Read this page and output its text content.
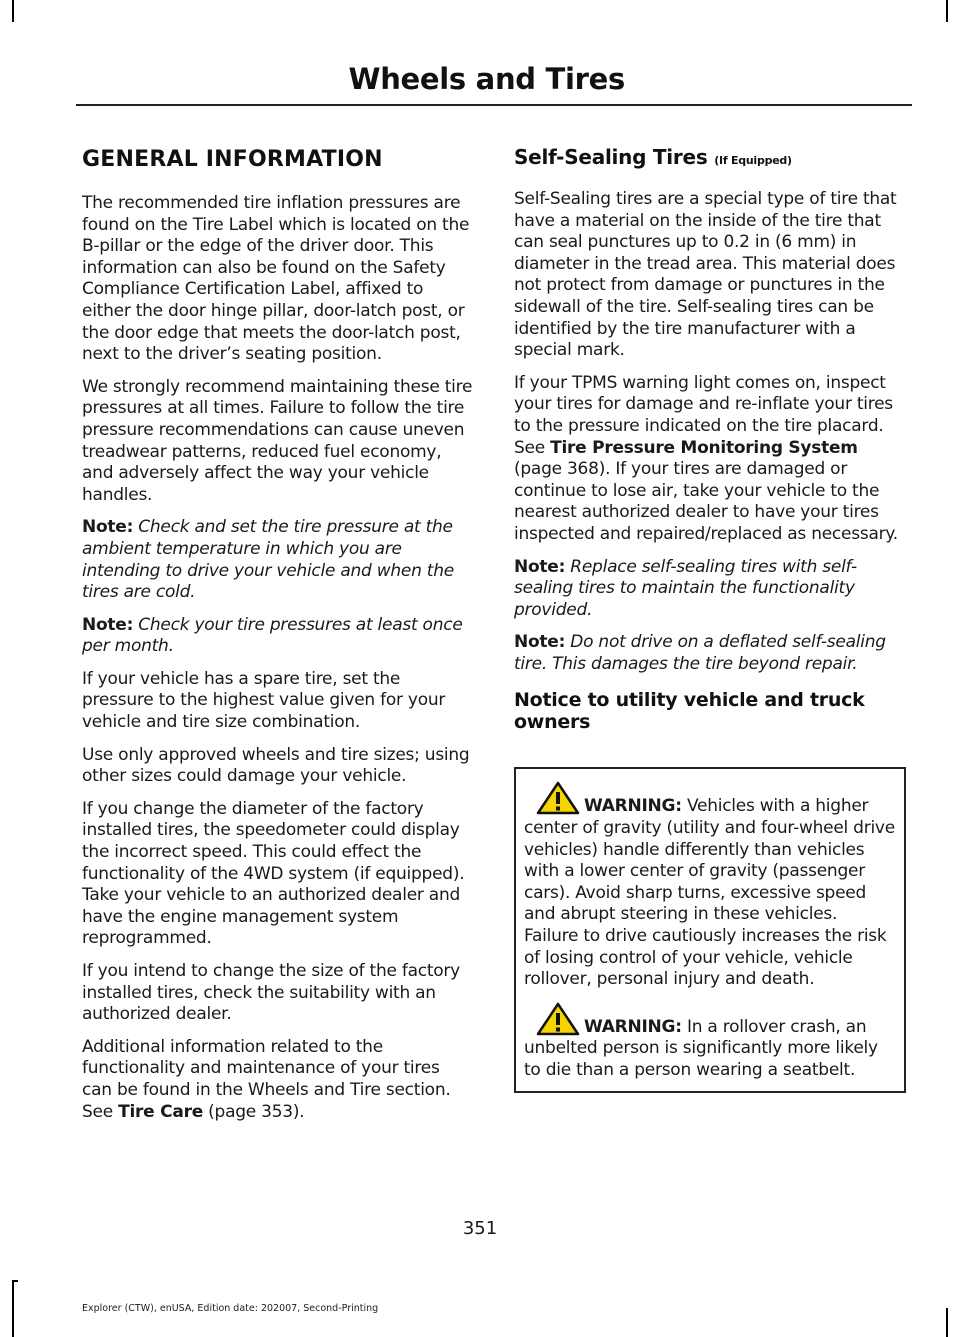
Wheels and Tires
GENERAL INFORMATION

The recommended tire inflation pressures are found on the Tire Label which is located on the B-pillar or the edge of the driver door. This information can also be found on the Safety Compliance Certification Label, affixed to either the door hinge pillar, door-latch post, or the door edge that meets the door-latch post, next to the driver’s seating position.

We strongly recommend maintaining these tire pressures at all times. Failure to follow the tire pressure recommendations can cause uneven treadwear patterns, reduced fuel economy, and adversely affect the way your vehicle handles.

Note: Check and set the tire pressure at the ambient temperature in which you are intending to drive your vehicle and when the tires are cold.

Note: Check your tire pressures at least once per month.

If your vehicle has a spare tire, set the pressure to the highest value given for your vehicle and tire size combination.

Use only approved wheels and tire sizes; using other sizes could damage your vehicle.

If you change the diameter of the factory installed tires, the speedometer could display the incorrect speed. This could effect the functionality of the 4WD system (if equipped). Take your vehicle to an authorized dealer and have the engine management system reprogrammed.

If you intend to change the size of the factory installed tires, check the suitability with an authorized dealer.

Additional information related to the functionality and maintenance of your tires can be found in the Wheels and Tire section. See Tire Care (page 353).

Self-Sealing Tires (If Equipped)

Self-Sealing tires are a special type of tire that have a material on the inside of the tire that can seal punctures up to 0.2 in (6 mm) in diameter in the tread area. This material does not protect from damage or punctures in the sidewall of the tire. Self-sealing tires can be identified by the tire manufacturer with a special mark.

If your TPMS warning light comes on, inspect your tires for damage and re-inflate your tires to the pressure indicated on the tire placard. See Tire Pressure Monitoring System (page 368). If your tires are damaged or continue to lose air, take your vehicle to the nearest authorized dealer to have your tires inspected and repaired/replaced as necessary.

Note: Replace self-sealing tires with self-sealing tires to maintain the functionality provided.

Note: Do not drive on a deflated self-sealing tire. This damages the tire beyond repair.

Notice to utility vehicle and truck owners

WARNING: Vehicles with a higher center of gravity (utility and four-wheel drive vehicles) handle differently than vehicles with a lower center of gravity (passenger cars). Avoid sharp turns, excessive speed and abrupt steering in these vehicles. Failure to drive cautiously increases the risk of losing control of your vehicle, vehicle rollover, personal injury and death.

WARNING: In a rollover crash, an unbelted person is significantly more likely to die than a person wearing a seatbelt.

351
Explorer (CTW), enUSA, Edition date: 202007, Second-Printing
